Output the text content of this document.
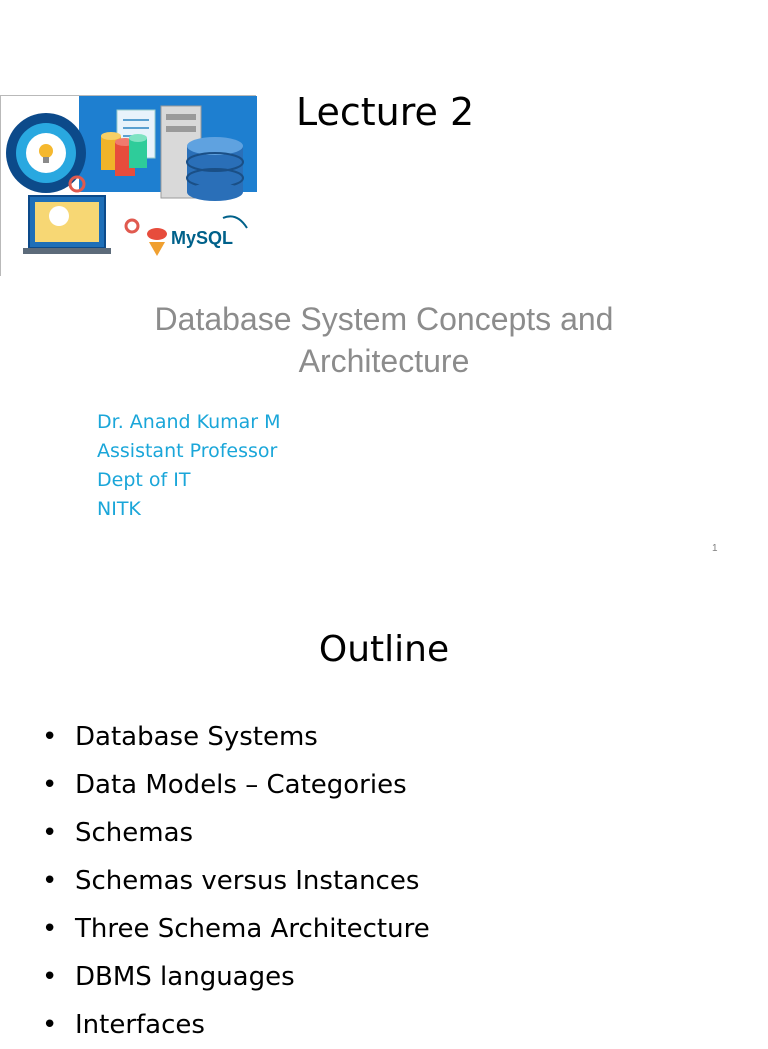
MySQL
Lecture 2
Database System Concepts and Architecture
Dr. Anand Kumar M
Assistant Professor
Dept of IT
NITK
1
Outline
• Database Systems
• Data Models – Categories
• Schemas
• Schemas versus Instances
• Three Schema Architecture
• DBMS languages
• Interfaces
